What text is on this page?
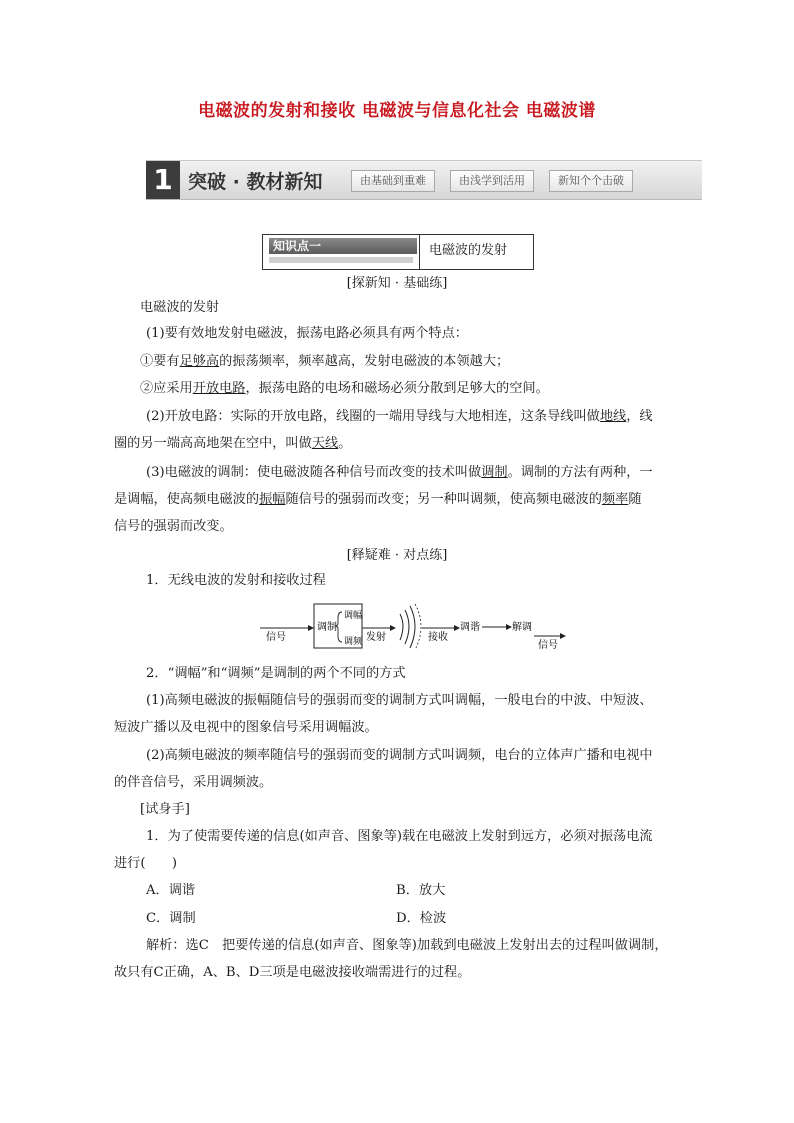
电磁波的发射和接收 电磁波与信息化社会 电磁波谱
1 突破 · 教材新知	由基础到重难	由浅学到活用	新知个个击破
知识点一	电磁波的发射
[探新知 · 基础练]
电磁波的发射
(1)要有效地发射电磁波，振荡电路必须具有两个特点：
①要有足够高的振荡频率，频率越高，发射电磁波的本领越大；
②应采用开放电路，振荡电路的电场和磁场必须分散到足够大的空间。
(2)开放电路：实际的开放电路，线圈的一端用导线与大地相连，这条导线叫做地线，线
圈的另一端高高地架在空中，叫做天线。
(3)电磁波的调制：使电磁波随各种信号而改变的技术叫做调制。调制的方法有两种，一
是调幅，使高频电磁波的振幅随信号的强弱而改变；另一种叫调频，使高频电磁波的频率随
信号的强弱而改变。
[释疑难 · 对点练]
1．无线电波的发射和接收过程
信号
调制
调幅
调频 发射	接收
调谐	解调
信号
2．“调幅”和“调频”是调制的两个不同的方式
(1)高频电磁波的振幅随信号的强弱而变的调制方式叫调幅，一般电台的中波、中短波、
短波广播以及电视中的图象信号采用调幅波。
(2)高频电磁波的频率随信号的强弱而变的调制方式叫调频，电台的立体声广播和电视中
的伴音信号，采用调频波。
[试身手]
1．为了使需要传递的信息(如声音、图象等)载在电磁波上发射到远方，必须对振荡电流
进行(　　)
A．调谐	B．放大
C．调制	D．检波
解析：选C　把要传递的信息(如声音、图象等)加载到电磁波上发射出去的过程叫做调制，
故只有C正确，A、B、D三项是电磁波接收端需进行的过程。
